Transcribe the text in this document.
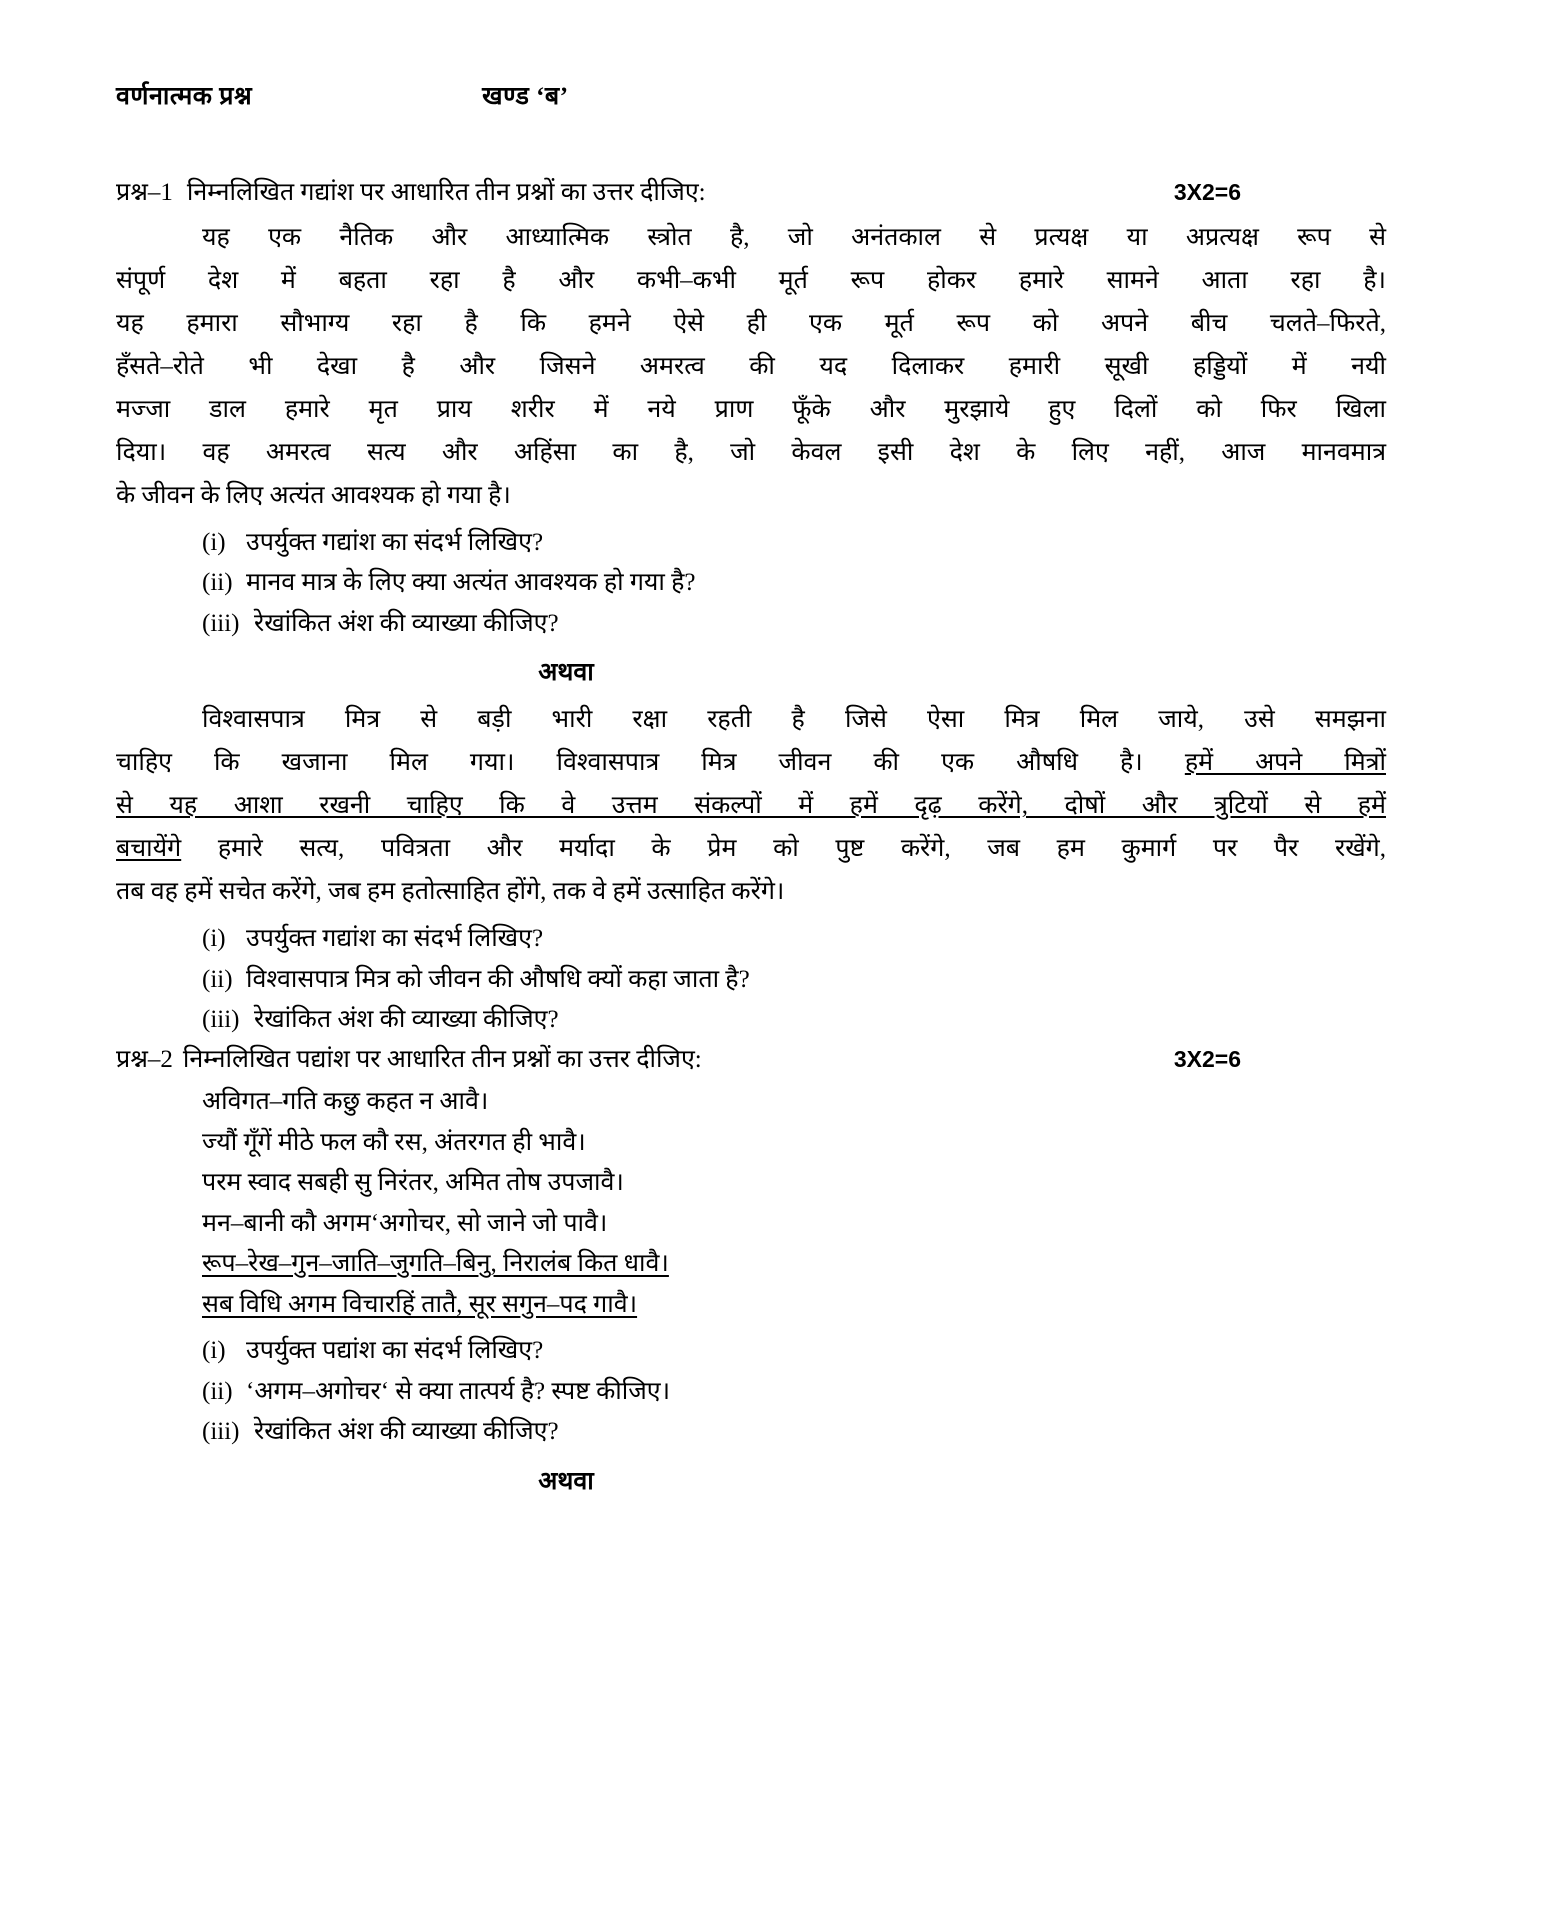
वर्णनात्मक प्रश्न	खण्ड ‘ब’
प्रश्न–1 निम्नलिखित गद्यांश पर आधारित तीन प्रश्नों का उत्तर दीजिए:	3X2=6

यह एक नैतिक और आध्यात्मिक स्त्रोत है, जो अनंतकाल से प्रत्यक्ष या अप्रत्यक्ष रूप से
संपूर्ण देश में बहता रहा है और कभी–कभी मूर्त रूप होकर हमारे सामने आता रहा है।
यह हमारा सौभाग्य रहा है कि हमने ऐसे ही एक मूर्त रूप को अपने बीच चलते–फिरते,
हॅंसते–रोते भी देखा है और जिसने अमरत्व की यद दिलाकर हमारी सूखी हड्डियों में नयी
मज्जा डाल हमारे मृत प्राय शरीर में नये प्राण फूॅंके और मुरझाये हुए दिलों को फिर खिला
दिया। वह अमरत्व सत्य और अहिंसा का है, जो केवल इसी देश के लिए नहीं, आज मानवमात्र
के जीवन के लिए अत्यंत आवश्यक हो गया है।

(i) उपर्युक्त गद्यांश का संदर्भ लिखिए?
(ii) मानव मात्र के लिए क्या अत्यंत आवश्यक हो गया है?
(iii) रेखांकित अंश की व्याख्या कीजिए?
अथवा

विश्वासपात्र मित्र से बड़ी भारी रक्षा रहती है जिसे ऐसा मित्र मिल जाये, उसे समझना
चाहिए कि खजाना मिल गया। विश्वासपात्र मित्र जीवन की एक औषधि है। हमें अपने मित्रों
से यह आशा रखनी चाहिए कि वे उत्तम संकल्पों में हमें दृढ़ करेंगे, दोषों और त्रुटियों से हमें
बचायेंगे हमारे सत्य, पवित्रता और मर्यादा के प्रेम को पुष्ट करेंगे, जब हम कुमार्ग पर पैर रखेंगे,
तब वह हमें सचेत करेंगे, जब हम हतोत्साहित होंगे, तक वे हमें उत्साहित करेंगे।

(i) उपर्युक्त गद्यांश का संदर्भ लिखिए?
(ii) विश्वासपात्र मित्र को जीवन की औषधि क्यों कहा जाता है?
(iii) रेखांकित अंश की व्याख्या कीजिए?
प्रश्न–2 निम्नलिखित पद्यांश पर आधारित तीन प्रश्नों का उत्तर दीजिए:	3X2=6
अविगत–गति कछु कहत न आवै।
ज्यौं गूॅंगें मीठे फल कौ रस, अंतरगत ही भावै।
परम स्वाद सबही सु निरंतर, अमित तोष उपजावै।
मन–बानी कौ अगम‘अगोचर, सो जाने जो पावै।
रूप–रेख–गुन–जाति–जुगति–बिनु, निरालंब कित धावै।
सब विधि अगम विचारहिं तातै, सूर सगुन–पद गावै।
(i) उपर्युक्त पद्यांश का संदर्भ लिखिए?
(ii) ‘अगम–अगोचर‘ से क्या तात्पर्य है? स्पष्ट कीजिए।
(iii) रेखांकित अंश की व्याख्या कीजिए?
अथवा
